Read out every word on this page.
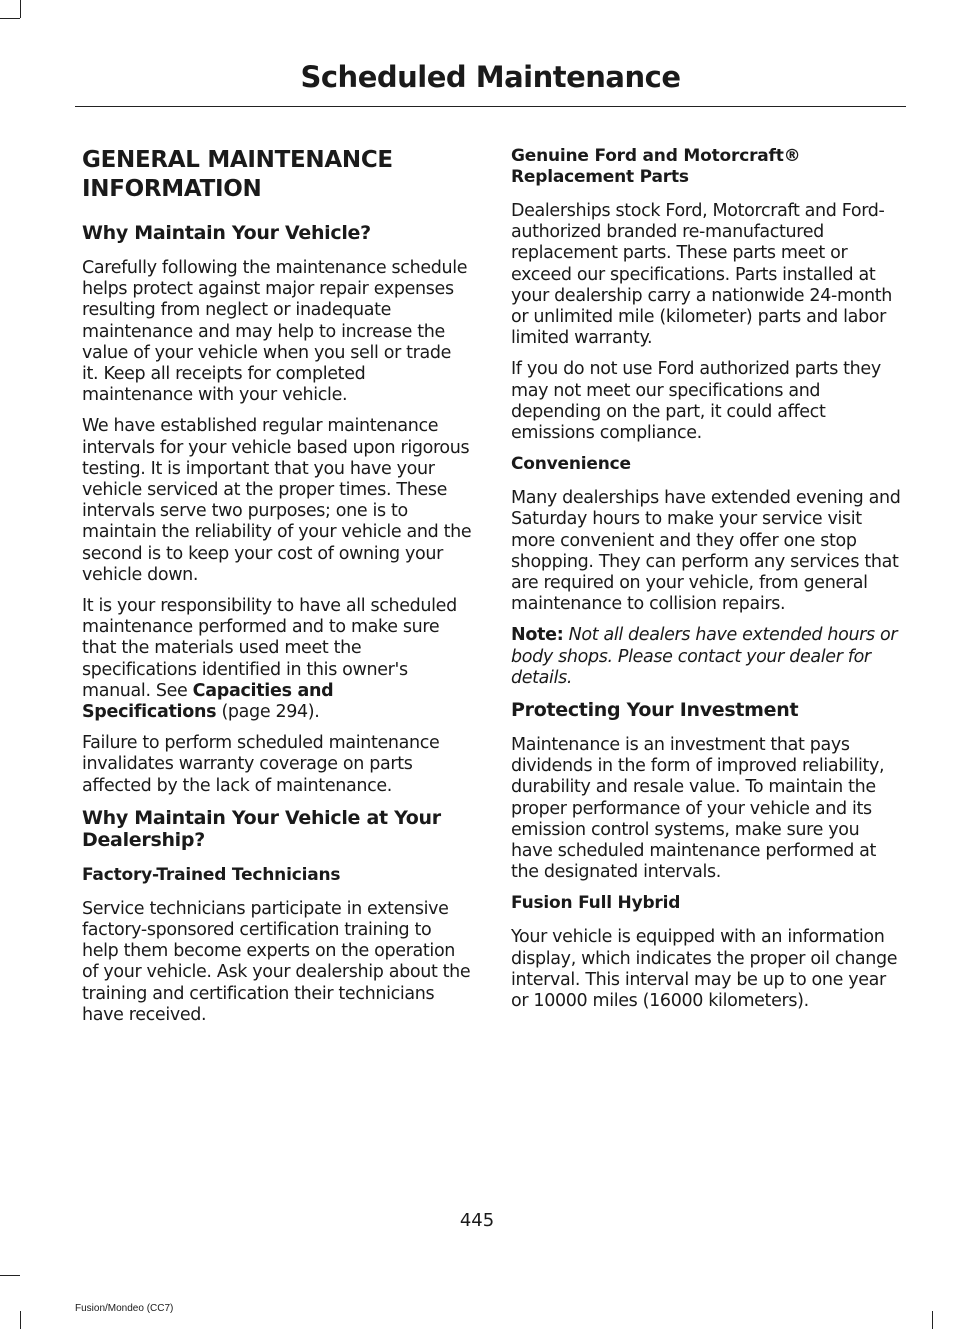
Scheduled Maintenance
GENERAL MAINTENANCE INFORMATION
Why Maintain Your Vehicle?

Carefully following the maintenance schedule helps protect against major repair expenses resulting from neglect or inadequate maintenance and may help to increase the value of your vehicle when you sell or trade it. Keep all receipts for completed maintenance with your vehicle.

We have established regular maintenance intervals for your vehicle based upon rigorous testing. It is important that you have your vehicle serviced at the proper times. These intervals serve two purposes; one is to maintain the reliability of your vehicle and the second is to keep your cost of owning your vehicle down.

It is your responsibility to have all scheduled maintenance performed and to make sure that the materials used meet the specifications identified in this owner's manual. See Capacities and Specifications (page 294).

Failure to perform scheduled maintenance invalidates warranty coverage on parts affected by the lack of maintenance.

Why Maintain Your Vehicle at Your Dealership?
Factory-Trained Technicians

Service technicians participate in extensive factory-sponsored certification training to help them become experts on the operation of your vehicle. Ask your dealership about the training and certification their technicians have received.

Genuine Ford and Motorcraft® Replacement Parts

Dealerships stock Ford, Motorcraft and Ford-authorized branded re-manufactured replacement parts. These parts meet or exceed our specifications. Parts installed at your dealership carry a nationwide 24-month or unlimited mile (kilometer) parts and labor limited warranty.

If you do not use Ford authorized parts they may not meet our specifications and depending on the part, it could affect emissions compliance.

Convenience

Many dealerships have extended evening and Saturday hours to make your service visit more convenient and they offer one stop shopping. They can perform any services that are required on your vehicle, from general maintenance to collision repairs.

Note: Not all dealers have extended hours or body shops. Please contact your dealer for details.

Protecting Your Investment

Maintenance is an investment that pays dividends in the form of improved reliability, durability and resale value. To maintain the proper performance of your vehicle and its emission control systems, make sure you have scheduled maintenance performed at the designated intervals.

Fusion Full Hybrid

Your vehicle is equipped with an information display, which indicates the proper oil change interval. This interval may be up to one year or 10000 miles (16000 kilometers).

445
Fusion/Mondeo (CC7)
